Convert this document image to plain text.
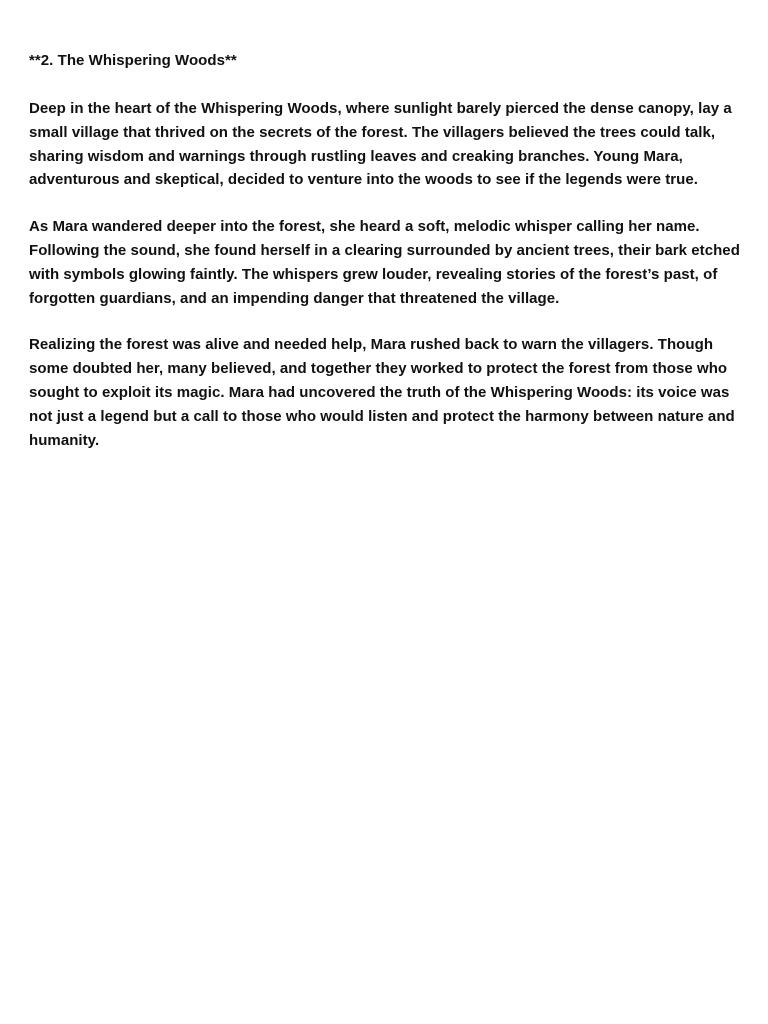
**2. The Whispering Woods**

Deep in the heart of the Whispering Woods, where sunlight barely pierced the dense canopy, lay a small village that thrived on the secrets of the forest. The villagers believed the trees could talk, sharing wisdom and warnings through rustling leaves and creaking branches. Young Mara, adventurous and skeptical, decided to venture into the woods to see if the legends were true.

As Mara wandered deeper into the forest, she heard a soft, melodic whisper calling her name. Following the sound, she found herself in a clearing surrounded by ancient trees, their bark etched with symbols glowing faintly. The whispers grew louder, revealing stories of the forest’s past, of forgotten guardians, and an impending danger that threatened the village.

Realizing the forest was alive and needed help, Mara rushed back to warn the villagers. Though some doubted her, many believed, and together they worked to protect the forest from those who sought to exploit its magic. Mara had uncovered the truth of the Whispering Woods: its voice was not just a legend but a call to those who would listen and protect the harmony between nature and humanity.
